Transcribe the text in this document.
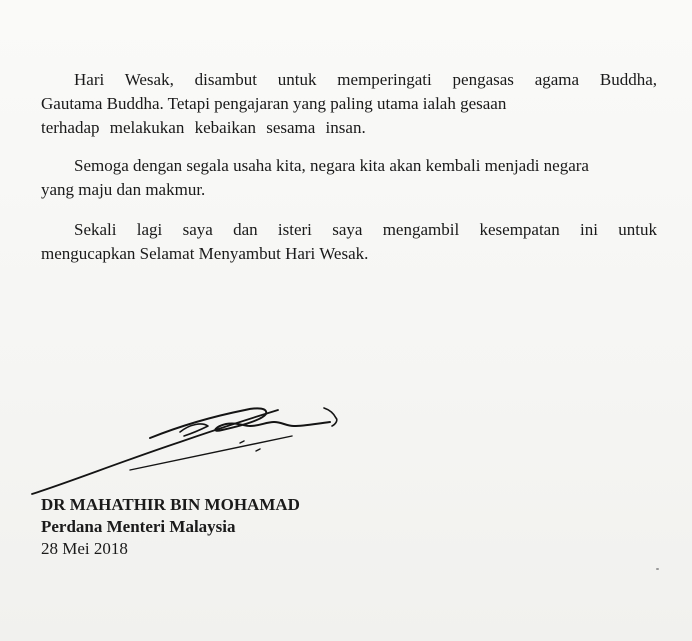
Hari Wesak, disambut untuk memperingati pengasas agama Buddha,
Gautama Buddha. Tetapi pengajaran yang paling utama ialah gesaan
terhadap melakukan kebaikan sesama insan.

Semoga dengan segala usaha kita, negara kita akan kembali menjadi negara
yang maju dan makmur.

Sekali lagi saya dan isteri saya mengambil kesempatan ini untuk
mengucapkan Selamat Menyambut Hari Wesak.

DR MAHATHIR BIN MOHAMAD
Perdana Menteri Malaysia
28 Mei 2018
